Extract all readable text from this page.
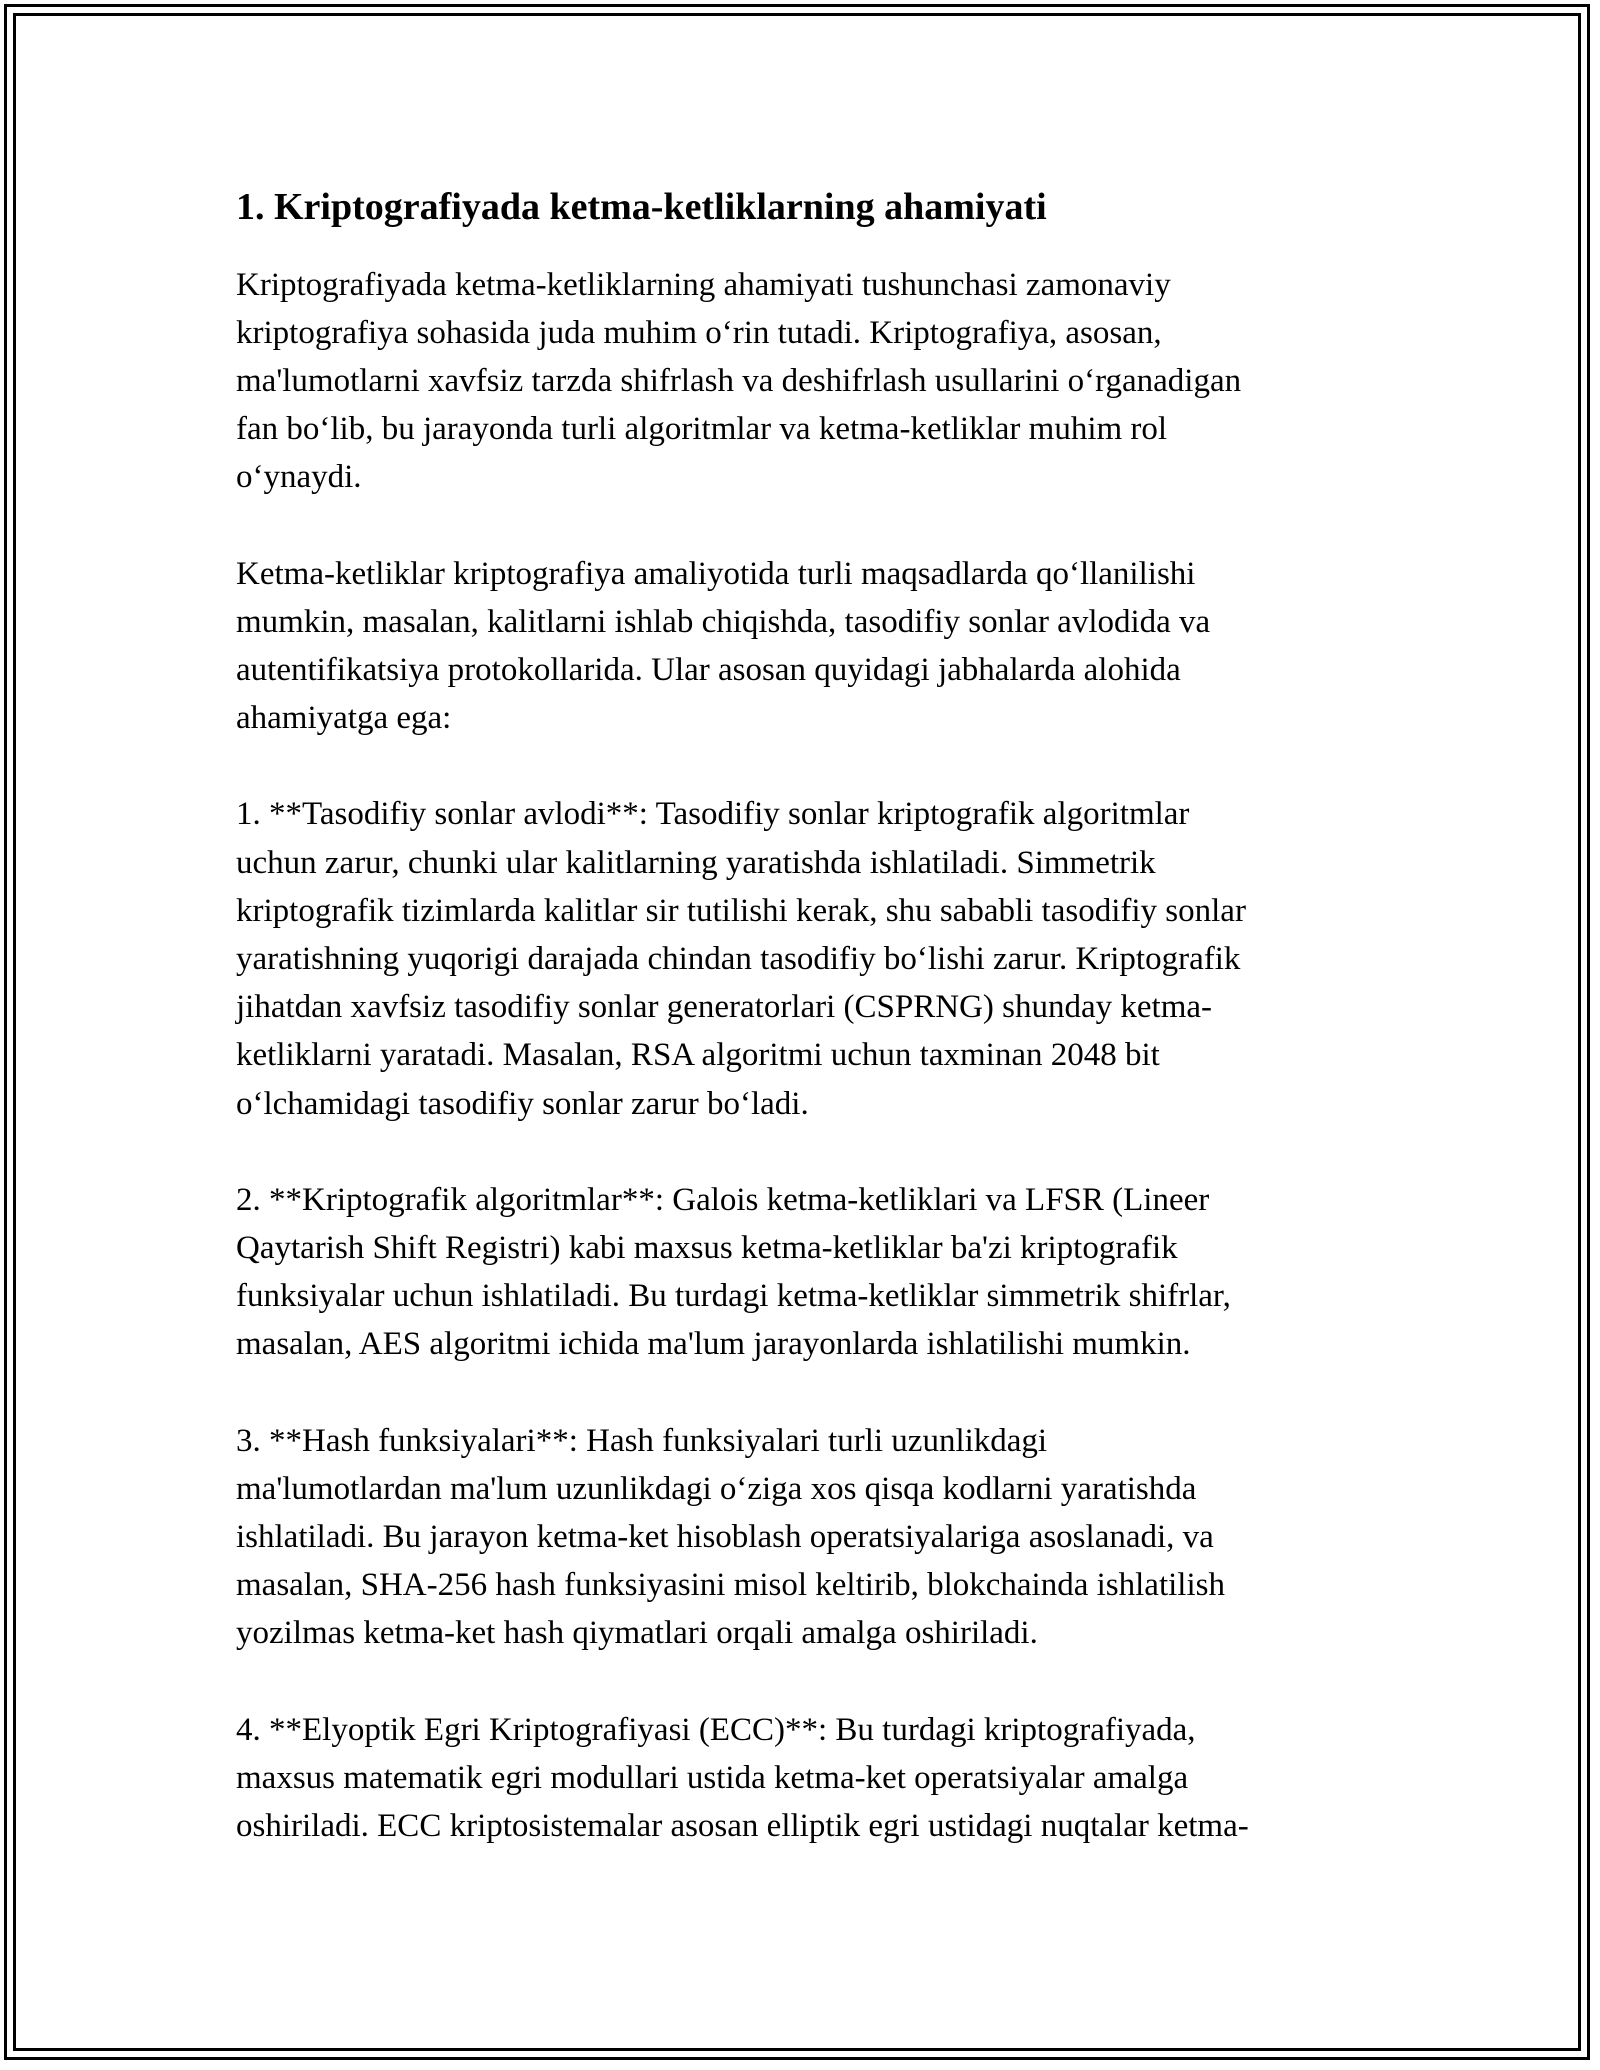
1. Kriptografiyada ketma-ketliklarning ahamiyati

Kriptografiyada ketma-ketliklarning ahamiyati tushunchasi zamonaviy
kriptografiya sohasida juda muhim o‘rin tutadi. Kriptografiya, asosan,
ma'lumotlarni xavfsiz tarzda shifrlash va deshifrlash usullarini o‘rganadigan
fan bo‘lib, bu jarayonda turli algoritmlar va ketma-ketliklar muhim rol
o‘ynaydi.

Ketma-ketliklar kriptografiya amaliyotida turli maqsadlarda qo‘llanilishi
mumkin, masalan, kalitlarni ishlab chiqishda, tasodifiy sonlar avlodida va
autentifikatsiya protokollarida. Ular asosan quyidagi jabhalarda alohida
ahamiyatga ega:

1. **Tasodifiy sonlar avlodi**: Tasodifiy sonlar kriptografik algoritmlar
uchun zarur, chunki ular kalitlarning yaratishda ishlatiladi. Simmetrik
kriptografik tizimlarda kalitlar sir tutilishi kerak, shu sababli tasodifiy sonlar
yaratishning yuqorigi darajada chindan tasodifiy bo‘lishi zarur. Kriptografik
jihatdan xavfsiz tasodifiy sonlar generatorlari (CSPRNG) shunday ketma-
ketliklarni yaratadi. Masalan, RSA algoritmi uchun taxminan 2048 bit
o‘lchamidagi tasodifiy sonlar zarur bo‘ladi.

2. **Kriptografik algoritmlar**: Galois ketma-ketliklari va LFSR (Lineer
Qaytarish Shift Registri) kabi maxsus ketma-ketliklar ba'zi kriptografik
funksiyalar uchun ishlatiladi. Bu turdagi ketma-ketliklar simmetrik shifrlar,
masalan, AES algoritmi ichida ma'lum jarayonlarda ishlatilishi mumkin.

3. **Hash funksiyalari**: Hash funksiyalari turli uzunlikdagi
ma'lumotlardan ma'lum uzunlikdagi o‘ziga xos qisqa kodlarni yaratishda
ishlatiladi. Bu jarayon ketma-ket hisoblash operatsiyalariga asoslanadi, va
masalan, SHA-256 hash funksiyasini misol keltirib, blokchainda ishlatilish
yozilmas ketma-ket hash qiymatlari orqali amalga oshiriladi.

4. **Elyoptik Egri Kriptografiyasi (ECC)**: Bu turdagi kriptografiyada,
maxsus matematik egri modullari ustida ketma-ket operatsiyalar amalga
oshiriladi. ECC kriptosistemalar asosan elliptik egri ustidagi nuqtalar ketma-
